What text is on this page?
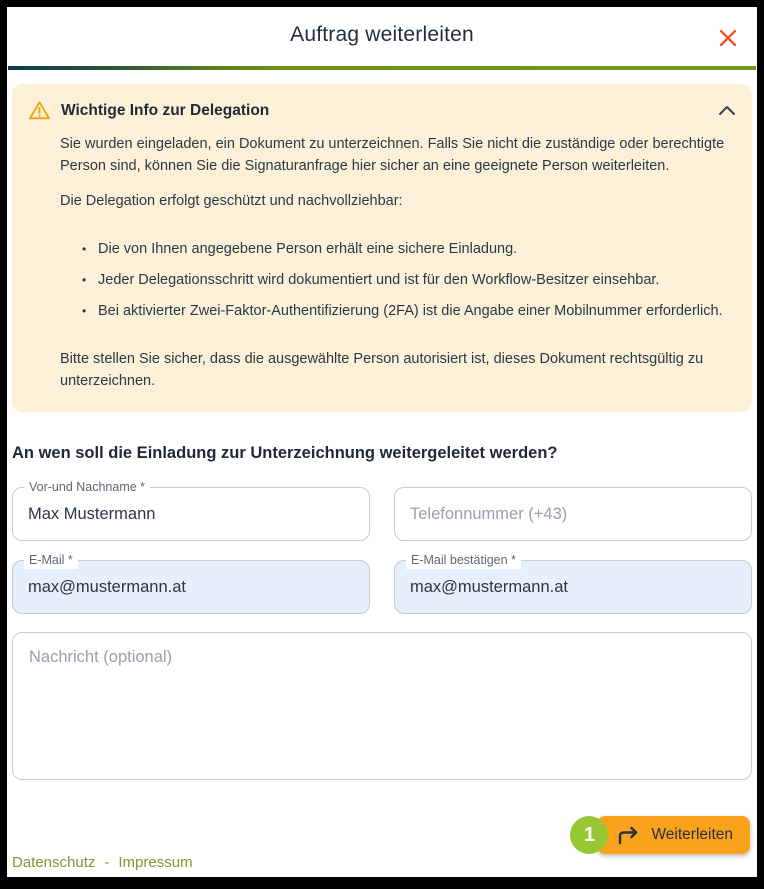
Auftrag weiterleiten
Wichtige Info zur Delegation

Sie wurden eingeladen, ein Dokument zu unterzeichnen. Falls Sie nicht die zuständige oder berechtigte Person sind, können Sie die Signaturanfrage hier sicher an eine geeignete Person weiterleiten.

Die Delegation erfolgt geschützt und nachvollziehbar:

• Die von Ihnen angegebene Person erhält eine sichere Einladung.
• Jeder Delegationsschritt wird dokumentiert und ist für den Workflow-Besitzer einsehbar.
• Bei aktivierter Zwei-Faktor-Authentifizierung (2FA) ist die Angabe einer Mobilnummer erforderlich.

Bitte stellen Sie sicher, dass die ausgewählte Person autorisiert ist, dieses Dokument rechtsgültig zu unterzeichnen.

An wen soll die Einladung zur Unterzeichnung weitergeleitet werden?
Vor-und Nachname *
Max Mustermann
Telefonnummer (+43)
E-Mail *
max@mustermann.at	E-Mail bestätigen *
max@mustermann.at
Nachricht (optional)
1	Weiterleiten
Datenschutz - Impressum
